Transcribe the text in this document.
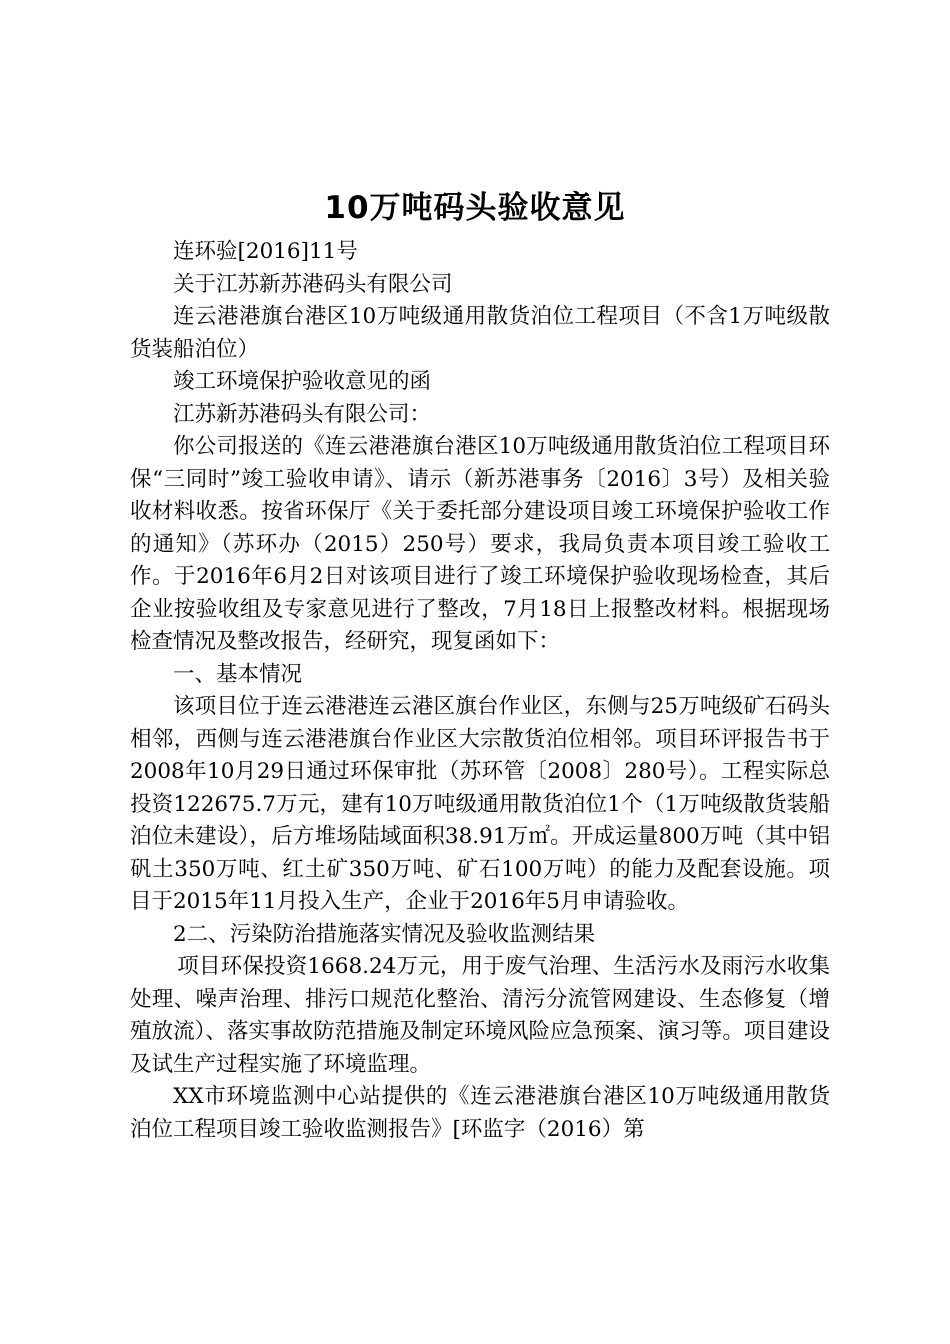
10万吨码头验收意见

连环验[2016]11号

关于江苏新苏港码头有限公司

连云港港旗台港区10万吨级通用散货泊位工程项目（不含1万吨级散货装船泊位）

竣工环境保护验收意见的函

江苏新苏港码头有限公司：

你公司报送的《连云港港旗台港区10万吨级通用散货泊位工程项目环保“三同时”竣工验收申请》、请示（新苏港事务〔2016〕3号）及相关验收材料收悉。按省环保厅《关于委托部分建设项目竣工环境保护验收工作的通知》（苏环办（2015）250号）要求，我局负责本项目竣工验收工作。于2016年6月2日对该项目进行了竣工环境保护验收现场检查，其后企业按验收组及专家意见进行了整改，7月18日上报整改材料。根据现场检查情况及整改报告，经研究，现复函如下：

一、基本情况

该项目位于连云港港连云港区旗台作业区，东侧与25万吨级矿石码头相邻，西侧与连云港港旗台作业区大宗散货泊位相邻。项目环评报告书于2008年10月29日通过环保审批（苏环管〔2008〕280号）。工程实际总投资122675.7万元，建有10万吨级通用散货泊位1个（1万吨级散货装船泊位未建设），后方堆场陆域面积38.91万㎡。开成运量800万吨（其中铝矾土350万吨、红土矿350万吨、矿石100万吨）的能力及配套设施。项目于2015年11月投入生产，企业于2016年5月申请验收。

2二、污染防治措施落实情况及验收监测结果

项目环保投资1668.24万元，用于废气治理、生活污水及雨污水收集处理、噪声治理、排污口规范化整治、清污分流管网建设、生态修复（增殖放流）、落实事故防范措施及制定环境风险应急预案、演习等。项目建设及试生产过程实施了环境监理。

XX市环境监测中心站提供的《连云港港旗台港区10万吨级通用散货泊位工程项目竣工验收监测报告》[环监字（2016）第
